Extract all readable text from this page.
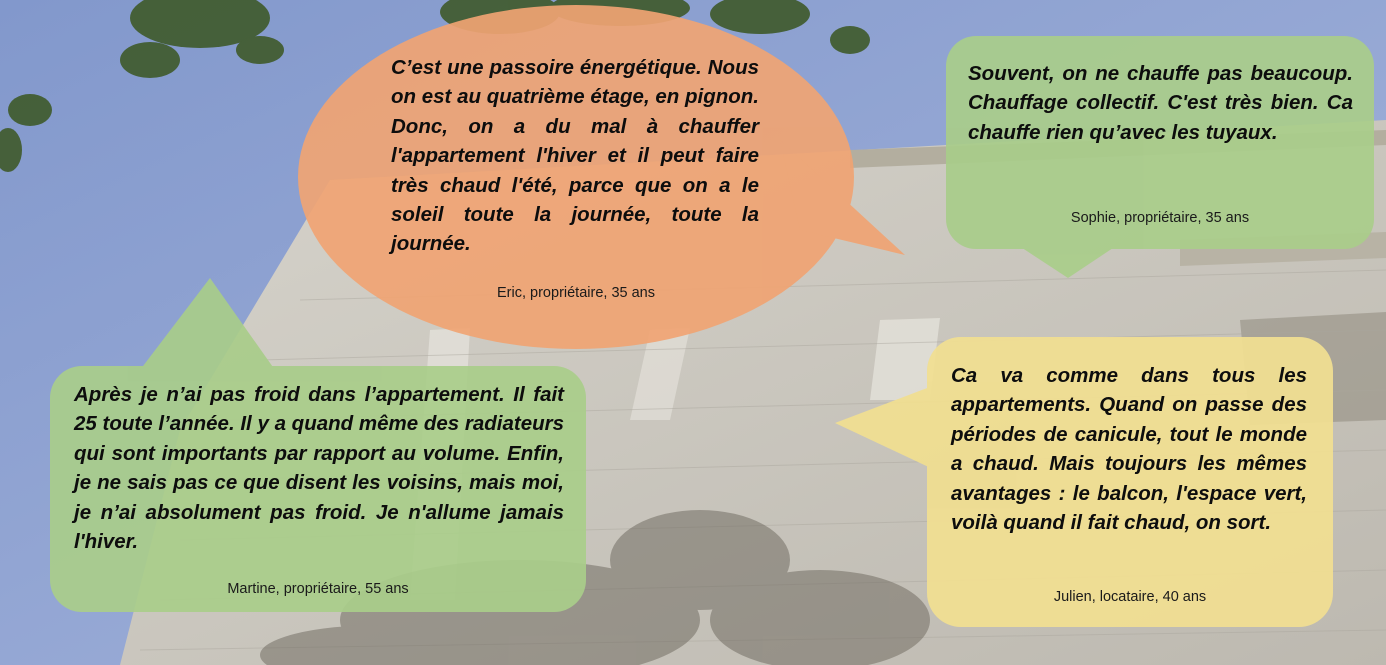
C’est une passoire énergétique. Nous on est au quatrième étage, en pignon. Donc, on a du mal à chauffer l'appartement l'hiver et il peut faire très chaud l'été, parce que on a le soleil toute la journée, toute la journée.
Eric, propriétaire, 35 ans
Souvent, on ne chauffe pas beaucoup. Chauffage collectif. C'est très bien. Ca chauffe rien qu’avec les tuyaux.
Sophie, propriétaire, 35 ans
Après je n’ai pas froid dans l’appartement. Il fait 25 toute l’année. Il y a quand même des radiateurs qui sont importants par rapport au volume. Enfin, je ne sais pas ce que disent les voisins, mais moi, je n’ai absolument pas froid. Je n'allume jamais l'hiver.
Martine, propriétaire, 55 ans
Ca va comme dans tous les appartements. Quand on passe des périodes de canicule, tout le monde a chaud. Mais toujours les mêmes avantages : le balcon, l'espace vert, voilà quand il fait chaud, on sort.
Julien, locataire, 40 ans
